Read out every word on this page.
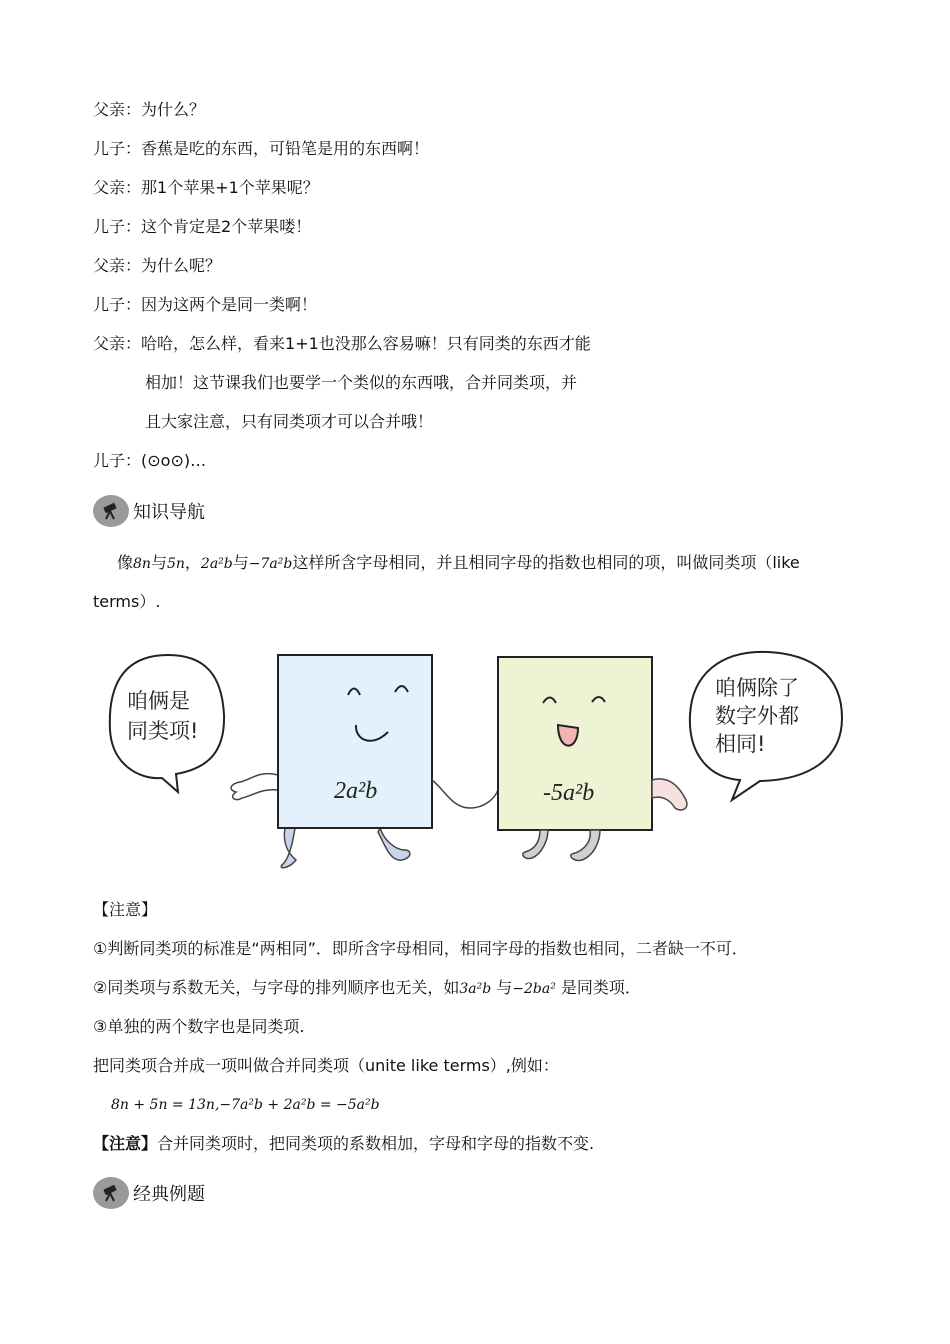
父亲：为什么？
儿子：香蕉是吃的东西，可铅笔是用的东西啊！
父亲：那1个苹果+1个苹果呢？
儿子：这个肯定是2个苹果喽！
父亲：为什么呢？
儿子：因为这两个是同一类啊！
父亲：哈哈，怎么样，看来1+1也没那么容易嘛！只有同类的东西才能
相加！这节课我们也要学一个类似的东西哦，合并同类项，并
且大家注意，只有同类项才可以合并哦！
儿子：(⊙o⊙)…
知识导航
像8n与5n，2a²b与−7a²b这样所含字母相同，并且相同字母的指数也相同的项，叫做同类项（like
terms）.
咱俩是
同类项!
咱俩除了
数字外都
相同!
2a²b	-5a²b
【注意】
①判断同类项的标准是“两相同”．即所含字母相同，相同字母的指数也相同，二者缺一不可．
②同类项与系数无关，与字母的排列顺序也无关，如3a²b 与−2ba² 是同类项．
③单独的两个数字也是同类项.
把同类项合并成一项叫做合并同类项（unite like terms）,例如：
8n + 5n = 13n,−7a²b + 2a²b = −5a²b
【注意】合并同类项时，把同类项的系数相加，字母和字母的指数不变.
经典例题
